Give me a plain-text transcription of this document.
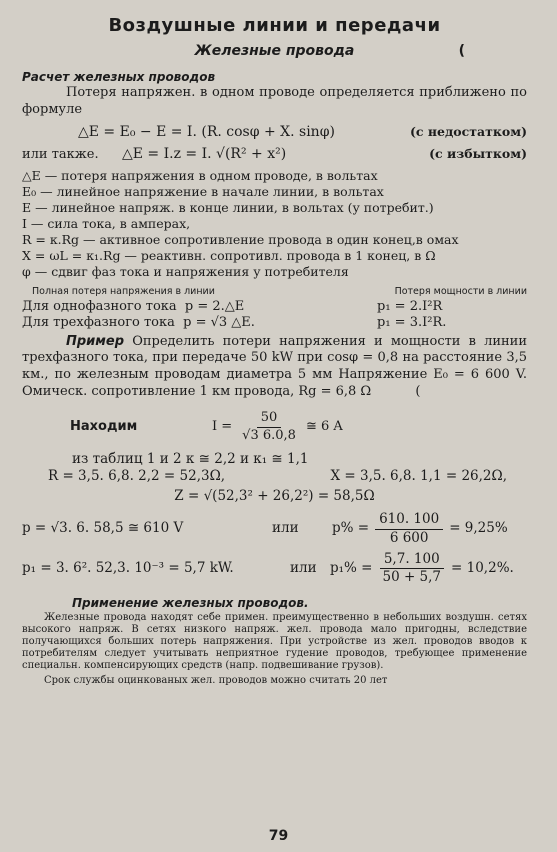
Воздушные линии и передачи
Железные провода	(
Расчет железных проводов
Потеря напряжен. в одном проводе определяется приближено по формуле
△E = E₀ − E = I. (R. cosφ + X. sinφ)	(с недостатком)
или также.	△E = I.z = I. √(R² + x²)	(с избытком)
△E — потеря напряжения в одном проводе, в вольтах
E₀ — линейное напряжение в начале линии, в вольтах
E — линейное напряж. в конце линии, в вольтах (у потребит.)
I — сила тока, в амперах,
R = κ.Rg — активное сопротивление провода в один конец,в омах
X = ωL = κ₁.Rg — реактивн. сопротивл. провода в 1 конец, в Ω
φ — сдвиг фаз тока и напряжения у потребителя
Полная потеря напряжения в линии	Потеря мощности в линии
Для однофазного тока p = 2.△E	p₁ = 2.I²R
Для трехфазного тока p = √3 △E.	p₁ = 3.I²R.
Пример Определить потери напряжения и мощности в линии трехфазного тока, при передаче 50 kW при cosφ = 0,8 на расстояние 3,5 км., по железным проводам диаметра 5 мм Напряжение E₀ = 6 600 V. Омическ. сопротивление 1 км провода, Rg = 6,8 Ω	(
Находим	$I = \frac{50}{√3 6.0,8}$ ≅ 6 A
из таблиц 1 и 2 κ ≅ 2,2 и κ₁ ≅ 1,1
R = 3,5. 6,8. 2,2 = 52,3Ω,	X = 3,5. 6,8. 1,1 = 26,2Ω,
Z = √(52,3² + 26,2²) = 58,5Ω
p = √3. 6. 58,5 ≅ 610 V	или	$p\% = \frac{610. 100}{6 600} = 9,25\%$
p₁ = 3. 6². 52,3. 10⁻³ = 5,7 kW.	или $p_1\% = \frac{5,7. 100}{50 + 5,7} = 10,2\%$.
Применение железных проводов.
Железные провода находят себе примен. преимущественно в небольших воздушн. сетях высокого напряж. В сетях низкого напряж. жел. провода мало пригодны, вследствие получающихся больших потерь напряжения. При устройстве из жел. проводов вводов к потребителям следует учитывать неприятное гудение проводов, требующее применение специальн. компенсирующих средств (напр. подвешивание грузов).
Срок службы оцинкованых жел. проводов можно считать 20 лет
79
